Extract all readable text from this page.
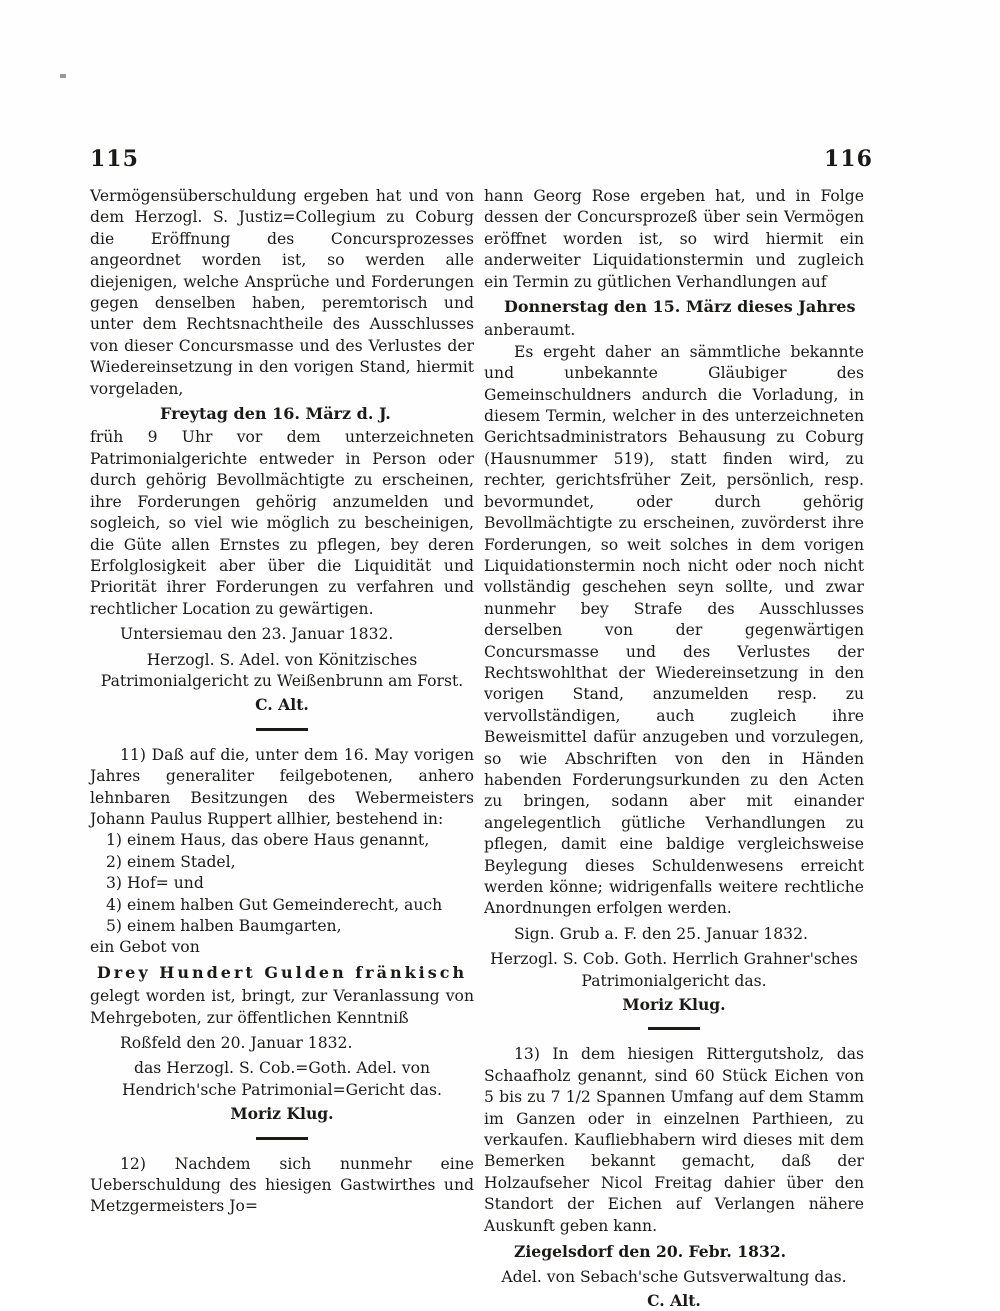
115	116

Vermögensüberschuldung ergeben hat und von dem Herzogl. S. Justiz=Collegium zu Coburg die Eröffnung des Concursprozesses angeordnet worden ist, so werden alle diejenigen, welche Ansprüche und Forderungen gegen denselben haben, peremtorisch und unter dem Rechtsnachtheile des Ausschlusses von dieser Concursmasse und des Verlustes der Wiedereinsetzung in den vorigen Stand, hiermit vorgeladen,

Freytag den 16. März d. J.

früh 9 Uhr vor dem unterzeichneten Patrimonialgerichte entweder in Person oder durch gehörig Bevollmächtigte zu erscheinen, ihre Forderungen gehörig anzumelden und sogleich, so viel wie möglich zu bescheinigen, die Güte allen Ernstes zu pflegen, bey deren Erfolglosigkeit aber über die Liquidität und Priorität ihrer Forderungen zu verfahren und rechtlicher Location zu gewärtigen.

Untersiemau den 23. Januar 1832.
Herzogl. S. Adel. von Könitzisches Patrimonialgericht zu Weißenbrunn am Forst.
C. Alt.

11) Daß auf die, unter dem 16. May vorigen Jahres generaliter feilgebotenen, anhero lehnbaren Besitzungen des Webermeisters Johann Paulus Ruppert allhier, bestehend in:

1) einem Haus, das obere Haus genannt,
2) einem Stadel,
3) Hof= und
4) einem halben Gut Gemeinderecht, auch
5) einem halben Baumgarten,
ein Gebot von
Drey Hundert Gulden fränkisch

gelegt worden ist, bringt, zur Veranlassung von Mehrgeboten, zur öffentlichen Kenntniß

Roßfeld den 20. Januar 1832.
das Herzogl. S. Cob.=Goth. Adel. von Hendrich'sche Patrimonial=Gericht das.
Moriz Klug.

12) Nachdem sich nunmehr eine Ueberschuldung des hiesigen Gastwirthes und Metzgermeisters Jo=

hann Georg Rose ergeben hat, und in Folge dessen der Concursprozeß über sein Vermögen eröffnet worden ist, so wird hiermit ein anderweiter Liquidationstermin und zugleich ein Termin zu gütlichen Verhandlungen auf

Donnerstag den 15. März dieses Jahres
anberaumt.

Es ergeht daher an sämmtliche bekannte und unbekannte Gläubiger des Gemeinschuldners andurch die Vorladung, in diesem Termin, welcher in des unterzeichneten Gerichtsadministrators Behausung zu Coburg (Hausnummer 519), statt finden wird, zu rechter, gerichtsfrüher Zeit, persönlich, resp. bevormundet, oder durch gehörig Bevollmächtigte zu erscheinen, zuvörderst ihre Forderungen, so weit solches in dem vorigen Liquidationstermin noch nicht oder noch nicht vollständig geschehen seyn sollte, und zwar nunmehr bey Strafe des Ausschlusses derselben von der gegenwärtigen Concursmasse und des Verlustes der Rechtswohlthat der Wiedereinsetzung in den vorigen Stand, anzumelden resp. zu vervollständigen, auch zugleich ihre Beweismittel dafür anzugeben und vorzulegen, so wie Abschriften von den in Händen habenden Forderungsurkunden zu den Acten zu bringen, sodann aber mit einander angelegentlich gütliche Verhandlungen zu pflegen, damit eine baldige vergleichsweise Beylegung dieses Schuldenwesens erreicht werden könne; widrigenfalls weitere rechtliche Anordnungen erfolgen werden.

Sign. Grub a. F. den 25. Januar 1832.
Herzogl. S. Cob. Goth. Herrlich Grahner'sches Patrimonialgericht das.
Moriz Klug.

13) In dem hiesigen Rittergutsholz, das Schaafholz genannt, sind 60 Stück Eichen von 5 bis zu 7 1/2 Spannen Umfang auf dem Stamm im Ganzen oder in einzelnen Parthieen, zu verkaufen. Kaufliebhabern wird dieses mit dem Bemerken bekannt gemacht, daß der Holzaufseher Nicol Freitag dahier über den Standort der Eichen auf Verlangen nähere Auskunft geben kann.

Ziegelsdorf den 20. Febr. 1832.
Adel. von Sebach'sche Gutsverwaltung das.
C. Alt.
